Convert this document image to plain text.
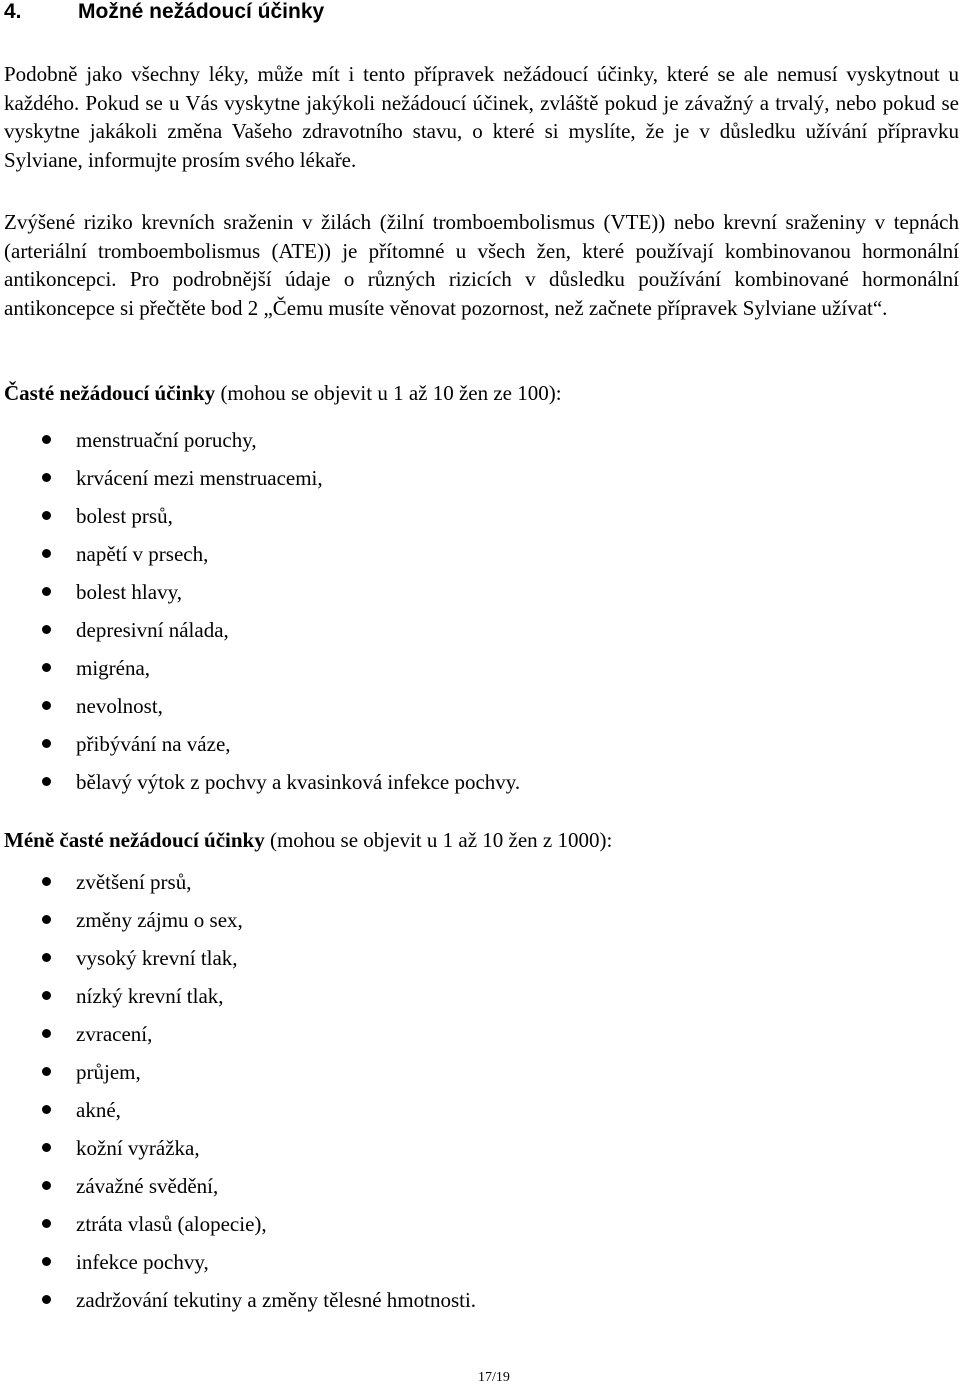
4.	Možné nežádoucí účinky

Podobně jako všechny léky, může mít i tento přípravek nežádoucí účinky, které se ale nemusí vyskytnout u každého. Pokud se u Vás vyskytne jakýkoli nežádoucí účinek, zvláště pokud je závažný a trvalý, nebo pokud se vyskytne jakákoli změna Vašeho zdravotního stavu, o které si myslíte, že je v důsledku užívání přípravku Sylviane, informujte prosím svého lékaře.

Zvýšené riziko krevních sraženin v žilách (žilní tromboembolismus (VTE)) nebo krevní sraženiny v tepnách (arteriální tromboembolismus (ATE)) je přítomné u všech žen, které používají kombinovanou hormonální antikoncepci. Pro podrobnější údaje o různých rizicích v důsledku používání kombinované hormonální antikoncepce si přečtěte bod 2 „Čemu musíte věnovat pozornost, než začnete přípravek Sylviane užívat“.

Časté nežádoucí účinky (mohou se objevit u 1 až 10 žen ze 100):

menstruační poruchy,
krvácení mezi menstruacemi,
bolest prsů,
napětí v prsech,
bolest hlavy,
depresivní nálada,
migréna,
nevolnost,
přibývání na váze,
bělavý výtok z pochvy a kvasinková infekce pochvy.

Méně časté nežádoucí účinky (mohou se objevit u 1 až 10 žen z 1000):

zvětšení prsů,
změny zájmu o sex,
vysoký krevní tlak,
nízký krevní tlak,
zvracení,
průjem,
akné,
kožní vyrážka,
závažné svědění,
ztráta vlasů (alopecie),
infekce pochvy,
zadržování tekutiny a změny tělesné hmotnosti.
17/19
